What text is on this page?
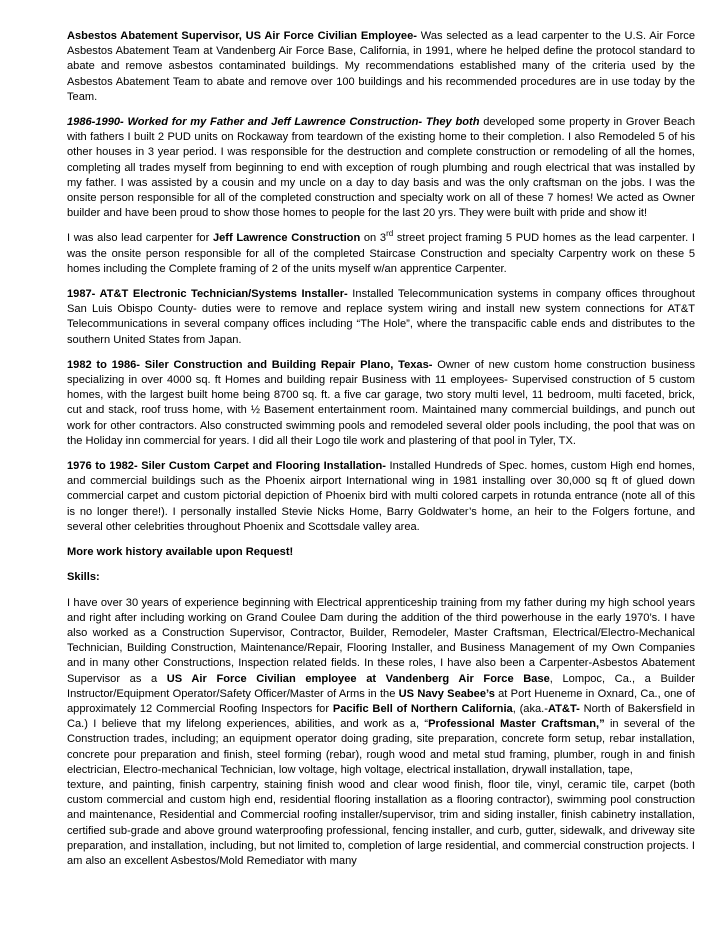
Asbestos Abatement Supervisor, US Air Force Civilian Employee- Was selected as a lead carpenter to the U.S. Air Force Asbestos Abatement Team at Vandenberg Air Force Base, California, in 1991, where he helped define the protocol standard to abate and remove asbestos contaminated buildings. My recommendations established many of the criteria used by the Asbestos Abatement Team to abate and remove over 100 buildings and his recommended procedures are in use today by the Team.

1986-1990- Worked for my Father and Jeff Lawrence Construction- They both developed some property in Grover Beach with fathers I built 2 PUD units on Rockaway from teardown of the existing home to their completion. I also Remodeled 5 of his other houses in 3 year period. I was responsible for the destruction and complete construction or remodeling of all the homes, completing all trades myself from beginning to end with exception of rough plumbing and rough electrical that was installed by my father. I was assisted by a cousin and my uncle on a day to day basis and was the only craftsman on the jobs. I was the onsite person responsible for all of the completed construction and specialty work on all of these 7 homes! We acted as Owner builder and have been proud to show those homes to people for the last 20 yrs. They were built with pride and show it!

I was also lead carpenter for Jeff Lawrence Construction on 3rd street project framing 5 PUD homes as the lead carpenter. I was the onsite person responsible for all of the completed Staircase Construction and specialty Carpentry work on these 5 homes including the Complete framing of 2 of the units myself w/an apprentice Carpenter.

1987- AT&T Electronic Technician/Systems Installer- Installed Telecommunication systems in company offices throughout San Luis Obispo County- duties were to remove and replace system wiring and install new system connections for AT&T Telecommunications in several company offices including “The Hole”, where the transpacific cable ends and distributes to the southern United States from Japan.

1982 to 1986- Siler Construction and Building Repair Plano, Texas- Owner of new custom home construction business specializing in over 4000 sq. ft Homes and building repair Business with 11 employees- Supervised construction of 5 custom homes, with the largest built home being 8700 sq. ft. a five car garage, two story multi level, 11 bedroom, multi faceted, brick, cut and stack, roof truss home, with ½ Basement entertainment room. Maintained many commercial buildings, and punch out work for other contractors. Also constructed swimming pools and remodeled several older pools including, the pool that was on the Holiday inn commercial for years. I did all their Logo tile work and plastering of that pool in Tyler, TX.

1976 to 1982- Siler Custom Carpet and Flooring Installation- Installed Hundreds of Spec. homes, custom High end homes, and commercial buildings such as the Phoenix airport International wing in 1981 installing over 30,000 sq ft of glued down commercial carpet and custom pictorial depiction of Phoenix bird with multi colored carpets in rotunda entrance (note all of this is no longer there!). I personally installed Stevie Nicks Home, Barry Goldwater’s home, an heir to the Folgers fortune, and several other celebrities throughout Phoenix and Scottsdale valley area.

More work history available upon Request!

Skills:

I have over 30 years of experience beginning with Electrical apprenticeship training from my father during my high school years and right after including working on Grand Coulee Dam during the addition of the third powerhouse in the early 1970’s. I have also worked as a Construction Supervisor, Contractor, Builder, Remodeler, Master Craftsman, Electrical/Electro-Mechanical Technician, Building Construction, Maintenance/Repair, Flooring Installer, and Business Management of my Own Companies and in many other Constructions, Inspection related fields. In these roles, I have also been a Carpenter-Asbestos Abatement Supervisor as a US Air Force Civilian employee at Vandenberg Air Force Base, Lompoc, Ca., a Builder Instructor/Equipment Operator/Safety Officer/Master of Arms in the US Navy Seabee’s at Port Hueneme in Oxnard, Ca., one of approximately 12 Commercial Roofing Inspectors for Pacific Bell of Northern California, (aka.-AT&T- North of Bakersfield in Ca.) I believe that my lifelong experiences, abilities, and work as a, “Professional Master Craftsman,” in several of the Construction trades, including; an equipment operator doing grading, site preparation, concrete form setup, rebar installation, concrete pour preparation and finish, steel forming (rebar), rough wood and metal stud framing, plumber, rough in and finish electrician, Electro-mechanical Technician, low voltage, high voltage, electrical installation, drywall installation, tape,

texture, and painting, finish carpentry, staining finish wood and clear wood finish, floor tile, vinyl, ceramic tile, carpet (both custom commercial and custom high end, residential flooring installation as a flooring contractor), swimming pool construction and maintenance, Residential and Commercial roofing installer/supervisor, trim and siding installer, finish cabinetry installation, certified sub-grade and above ground waterproofing professional, fencing installer, and curb, gutter, sidewalk, and driveway site preparation, and installation, including, but not limited to, completion of large residential, and commercial construction projects. I am also an excellent Asbestos/Mold Remediator with many
